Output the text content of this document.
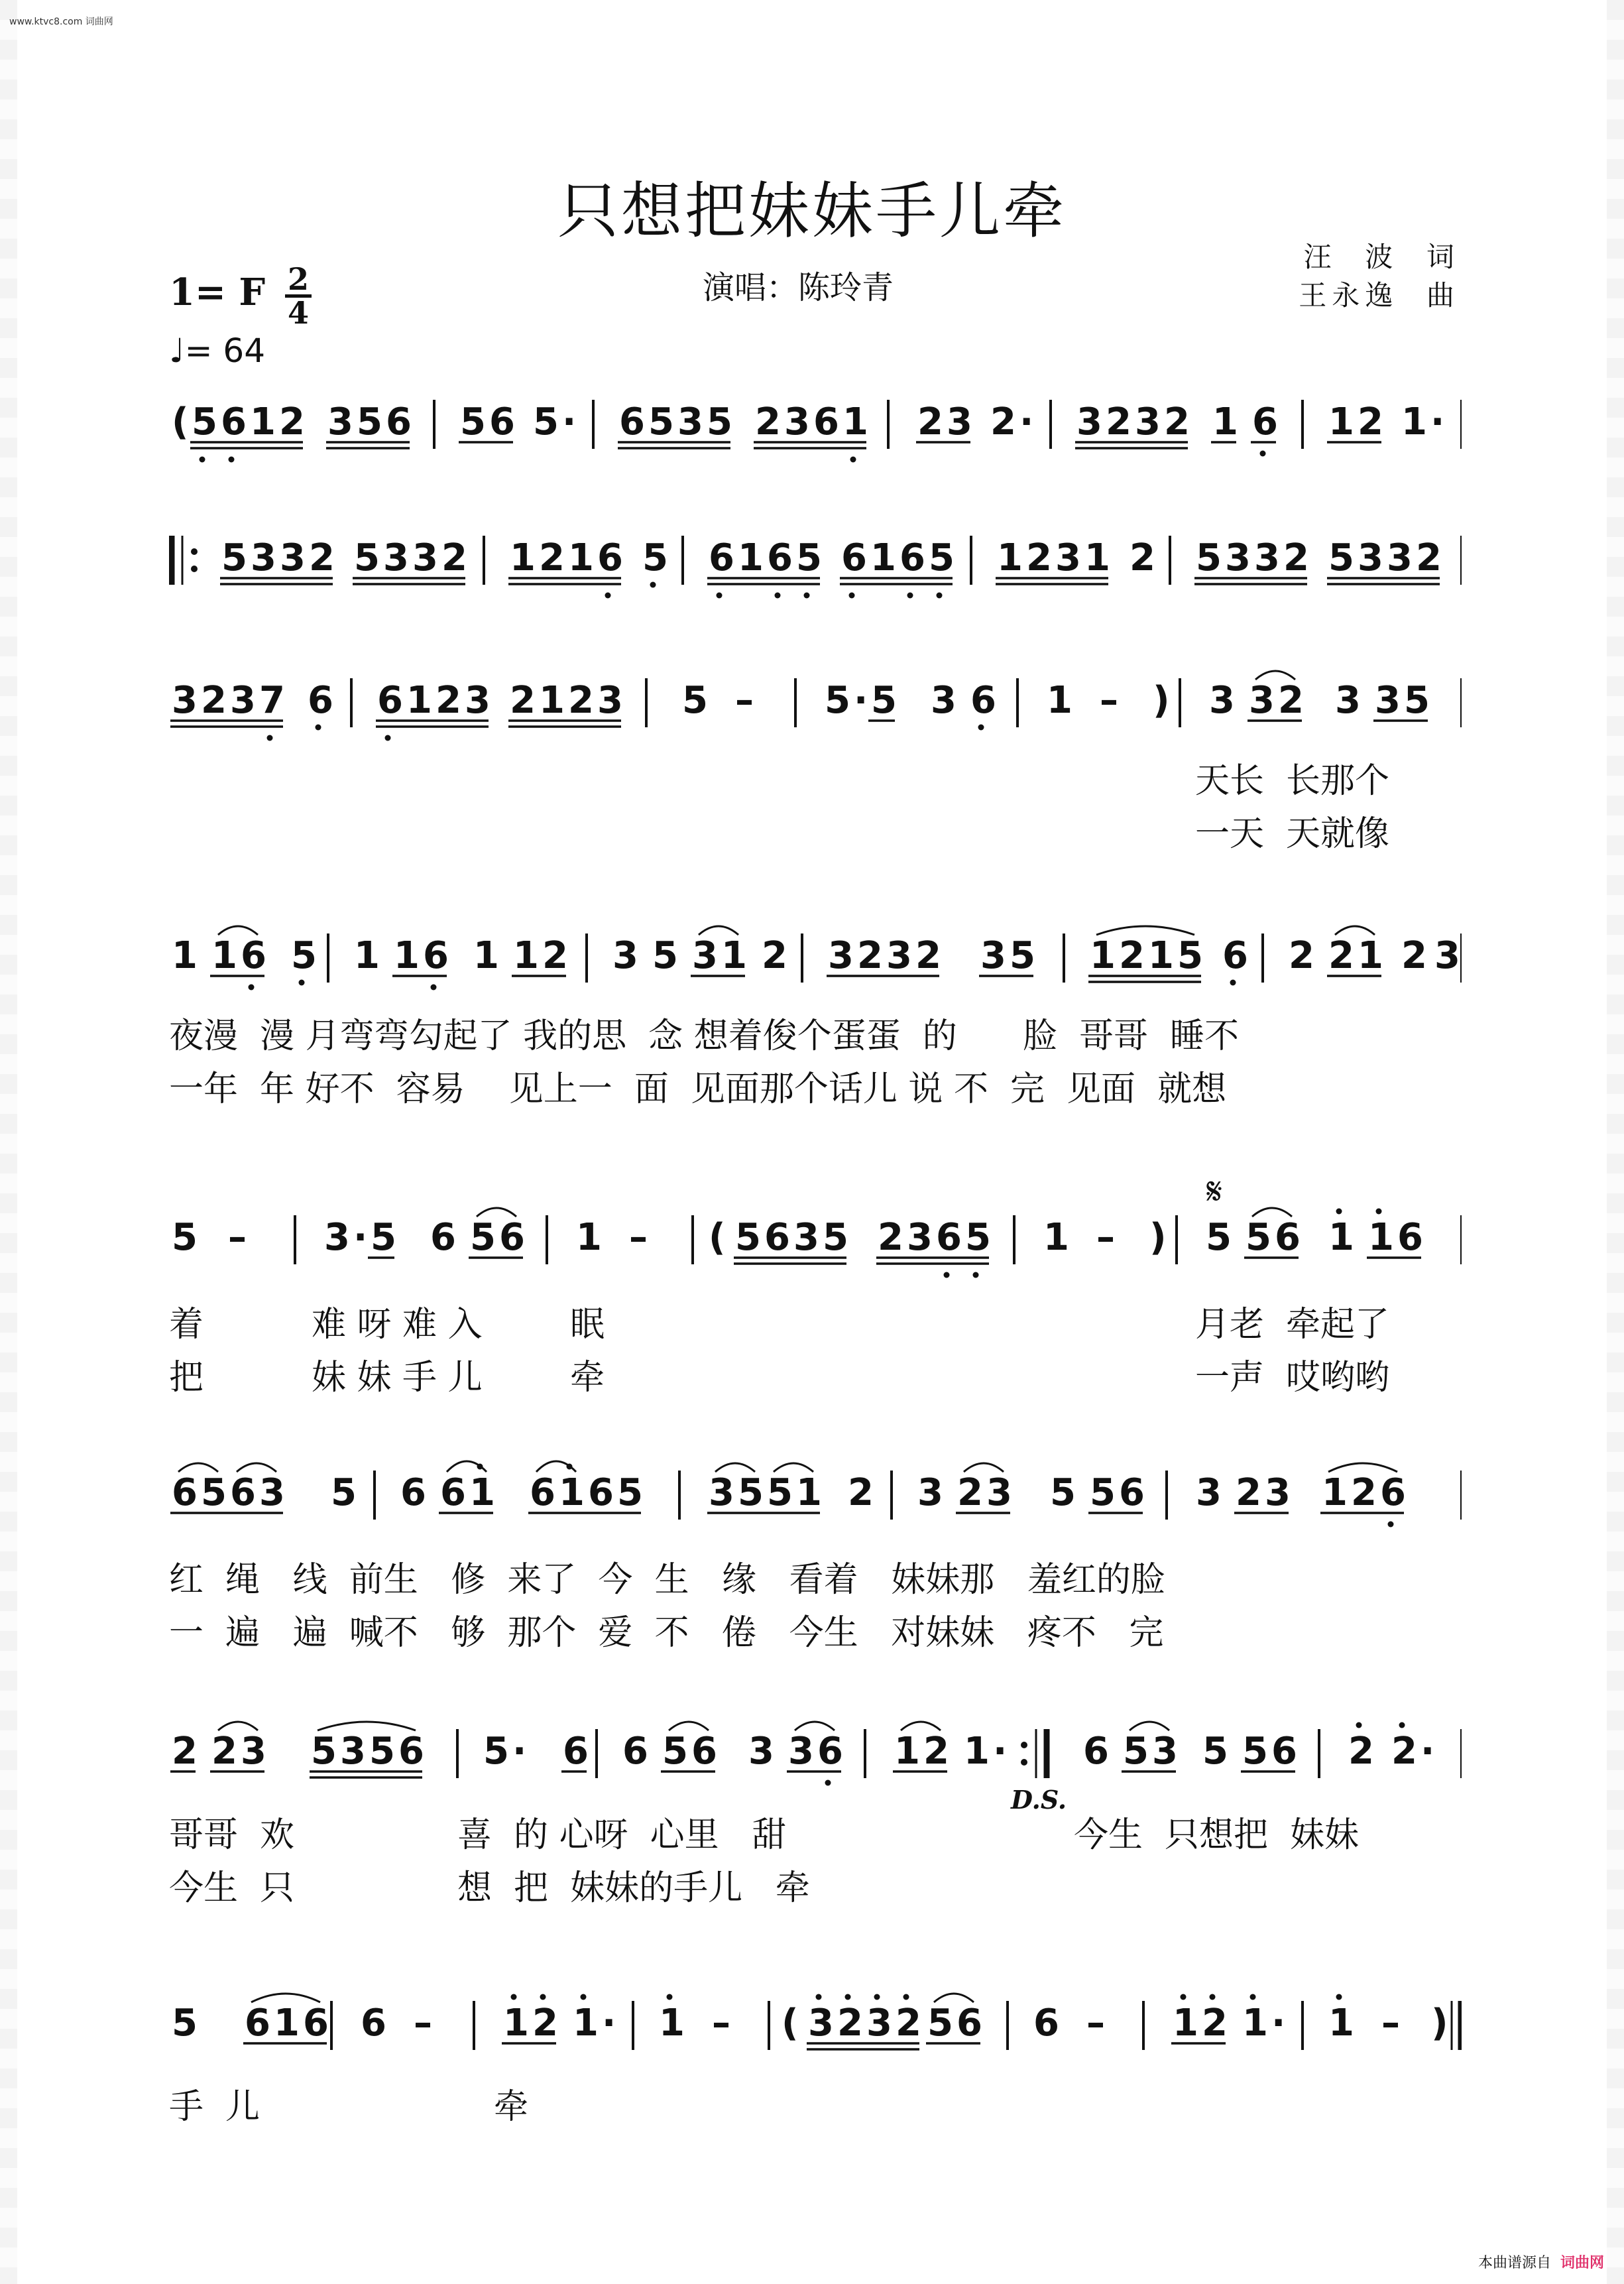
www.ktvc8.com 词曲网
只想把妹妹手儿牵
演唱：陈玲青
汪  波  词
王永逸  曲
1= F 2
4
♩= 64
𝄋
D.S.
( 5 6 1 2 3 5 6 5 6 5 · 6 5 3 5 2 3 6 1 2 3 2 · 3 2 3 2 1 6 1 2 1 ·
5 3 3 2 5 3 3 2 1 2 1 6 5 6 1 6 5 6 1 6 5 1 2 3 1 2 5 3 3 2 5 3 3 2
3 2 3 7 6 6 1 2 3 2 1 2 3 5 – 5 · 5 3 6 1 – ) 3 3 2 3 3 5
1 1 6 5 1 1 6 1 1 2 3 5 3 1 2 3 2 3 2 3 5 1 2 1 5 6 2 2 1 2 3
5 – 3 · 5 6 5 6 1 – ( 5 6 3 5 2 3 6 5 1 – ) 5 5 6 1 1 6
6 5 6 3 5 6 6 1 6 1 6 5 3 5 5 1 2 3 2 3 5 5 6 3 2 3 1 2 6
2 2 3 5 3 5 6 5 · 6 6 5 6 3 3 6 1 2 1 · 6 5 3 5 5 6 2 2 ·
5 6 1 6 6 – 1 2 1 · 1 – ( 3 2 3 2 5 6 6 – 1 2 1 · 1 – )
天长  长那个
一天  天就像
夜漫  漫 月弯弯勾起了 我的思  念 想着俊个蛋蛋  的      脸  哥哥  睡不
一年  年 好不  容易    见上一  面  见面那个话儿 说 不  完  见面  就想
着	难 呀 难 入	眠	月老  牵起了
把	妹 妹 手 儿	牵	一声  哎哟哟
红  绳   线  前生   修  来了  今  生   缘   看着   妹妹那   羞红的脸
一  遍   遍  喊不   够  那个  爱  不   倦   今生   对妹妹   疼不   完
哥哥  欢	喜  的 心呀  心里   甜	今生  只想把  妹妹
今生  只	想  把  妹妹的手儿   牵
手  儿	牵
本曲谱源自 词曲网
